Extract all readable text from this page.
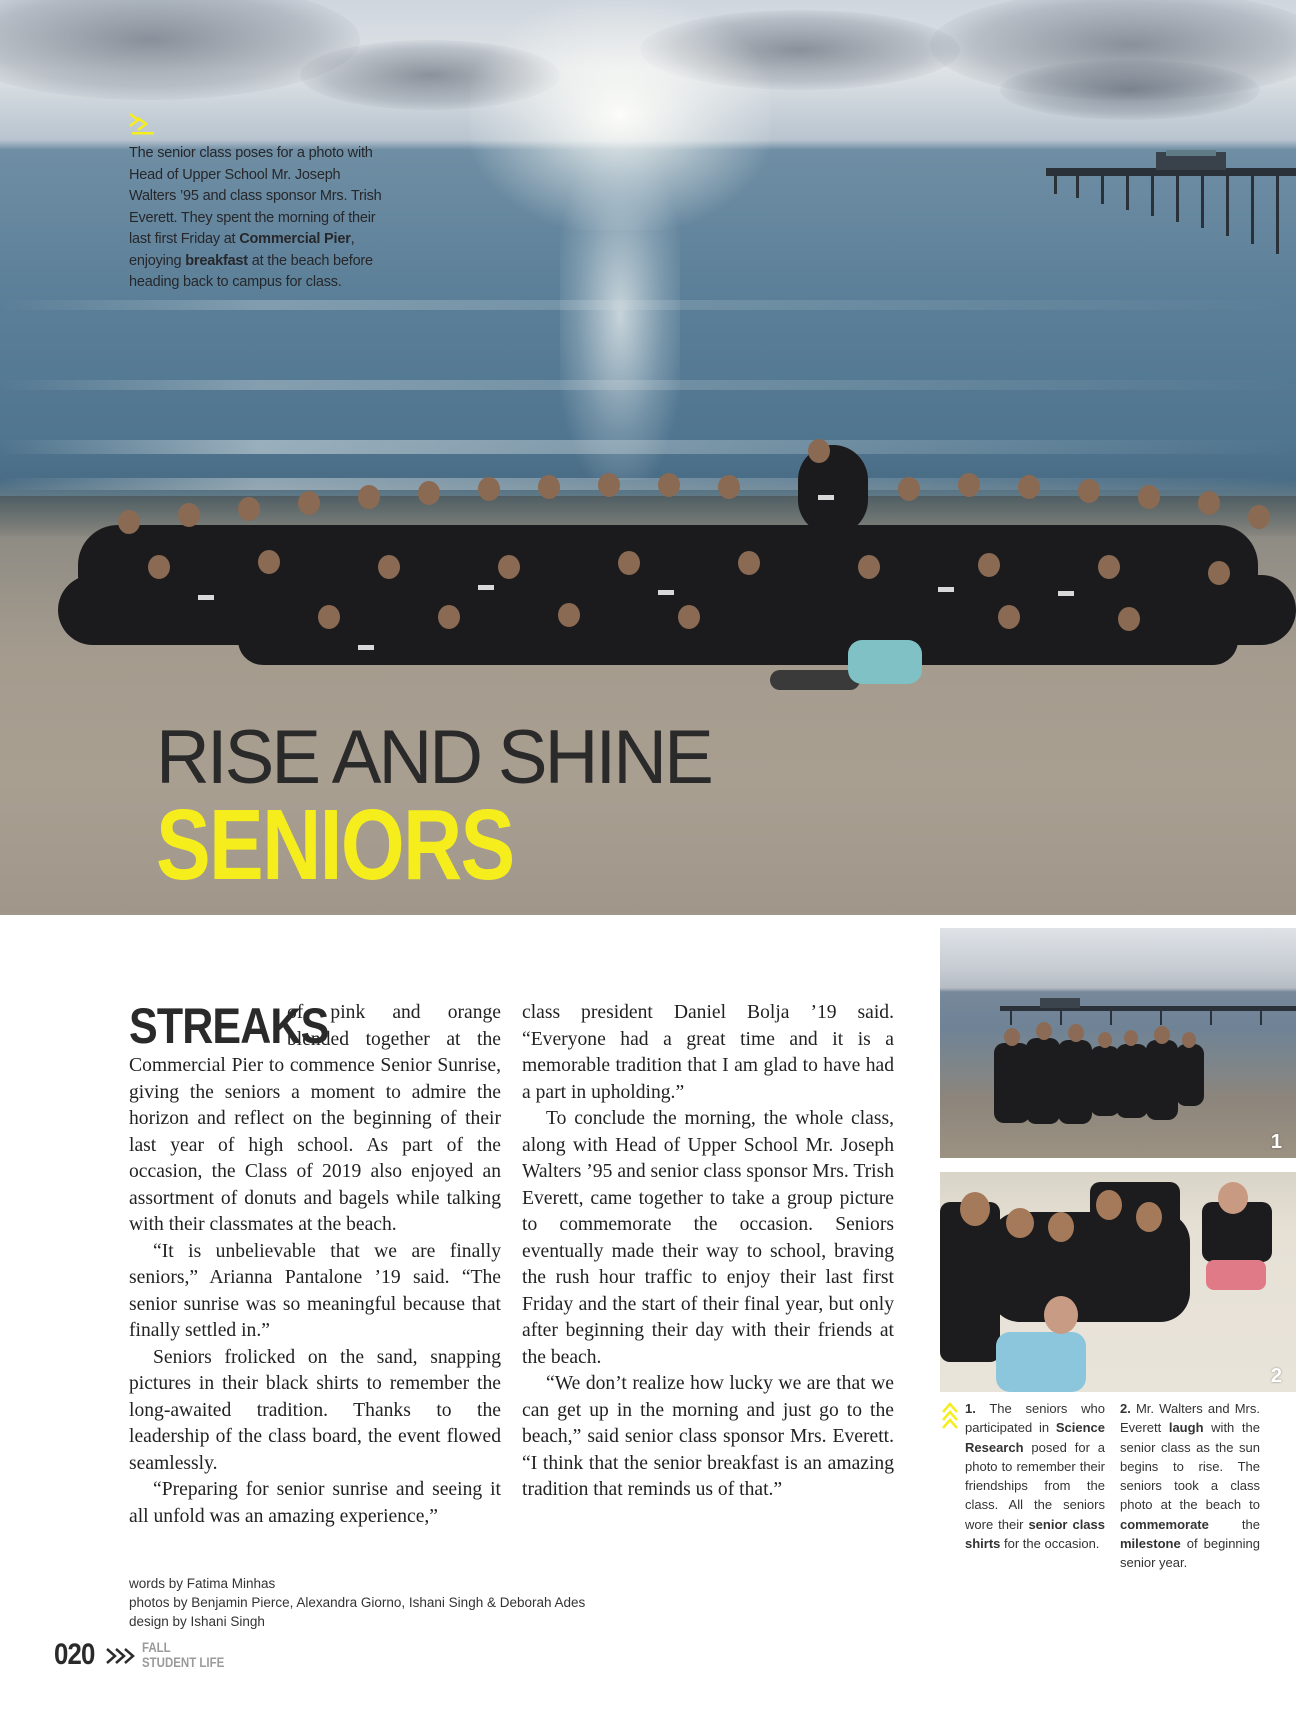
The senior class poses for a photo with Head of Upper School Mr. Joseph Walters ’95 and class sponsor Mrs. Trish Everett. They spent the morning of their last first Friday at Commercial Pier, enjoying breakfast at the beach before heading back to campus for class.
RISE AND SHINE
SENIORS

STREAKS
of pink and orange blended together at the Commercial Pier to commence Senior Sunrise, giving the seniors a moment to admire the horizon and reflect on the beginning of their last year of high school. As part of the occasion, the Class of 2019 also enjoyed an assortment of donuts and bagels while talking with their classmates at the beach.

“It is unbelievable that we are finally seniors,” Arianna Pantalone ’19 said. “The senior sunrise was so meaningful because that finally settled in.”

Seniors frolicked on the sand, snapping pictures in their black shirts to remember the long-awaited tradition. Thanks to the leadership of the class board, the event flowed seamlessly.

“Preparing for senior sunrise and seeing it all unfold was an amazing experience,”

class president Daniel Bolja ’19 said. “Everyone had a great time and it is a memorable tradition that I am glad to have had a part in upholding.”

To conclude the morning, the whole class, along with Head of Upper School Mr. Joseph Walters ’95 and senior class sponsor Mrs. Trish Everett, came together to take a group picture to commemorate the occasion. Seniors eventually made their way to school, braving the rush hour traffic to enjoy their last first Friday and the start of their final year, but only after beginning their day with their friends at the beach.

“We don’t realize how lucky we are that we can get up in the morning and just go to the beach,” said senior class sponsor Mrs. Everett. “I think that the senior breakfast is an amazing tradition that reminds us of that.”

words by Fatima Minhas
photos by Benjamin Pierce, Alexandra Giorno, Ishani Singh & Deborah Ades
design by Ishani Singh
020	FALL
STUDENT LIFE
1
2
1. The seniors who participated in Science Research posed for a photo to remember their friendships from the class. All the seniors wore their senior class shirts for the occasion.
2. Mr. Walters and Mrs. Everett laugh with the senior class as the sun begins to rise. The seniors took a class photo at the beach to commemorate the milestone of beginning senior year.
